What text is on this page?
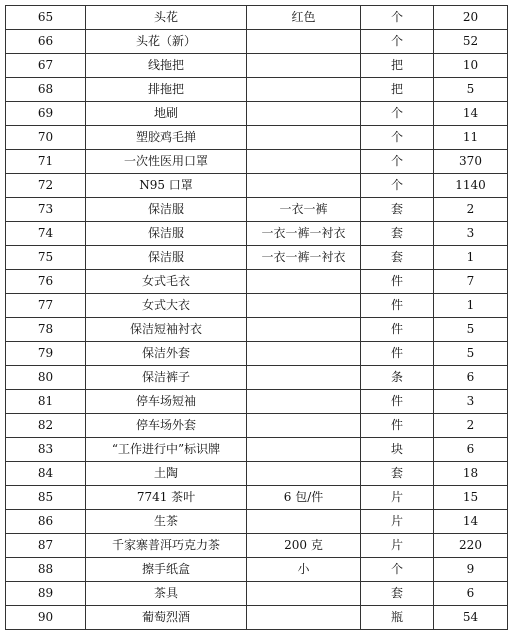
65	头花	红色	个	20
66	头花（新）		个	52
67	线拖把		把	10
68	排拖把		把	5
69	地刷		个	14
70	塑胶鸡毛掸		个	11
71	一次性医用口罩		个	370
72	N95 口罩		个	1140
73	保洁服	一衣一裤	套	2
74	保洁服	一衣一裤一衬衣	套	3
75	保洁服	一衣一裤一衬衣	套	1
76	女式毛衣		件	7
77	女式大衣		件	1
78	保洁短袖衬衣		件	5
79	保洁外套		件	5
80	保洁裤子		条	6
81	停车场短袖		件	3
82	停车场外套		件	2
83	“工作进行中”标识牌		块	6
84	土陶		套	18
85	7741 茶叶	6 包/件	片	15
86	生茶		片	14
87	千家寨普洱巧克力茶	200 克	片	220
88	擦手纸盒	小	个	9
89	茶具		套	6
90	葡萄烈酒		瓶	54
